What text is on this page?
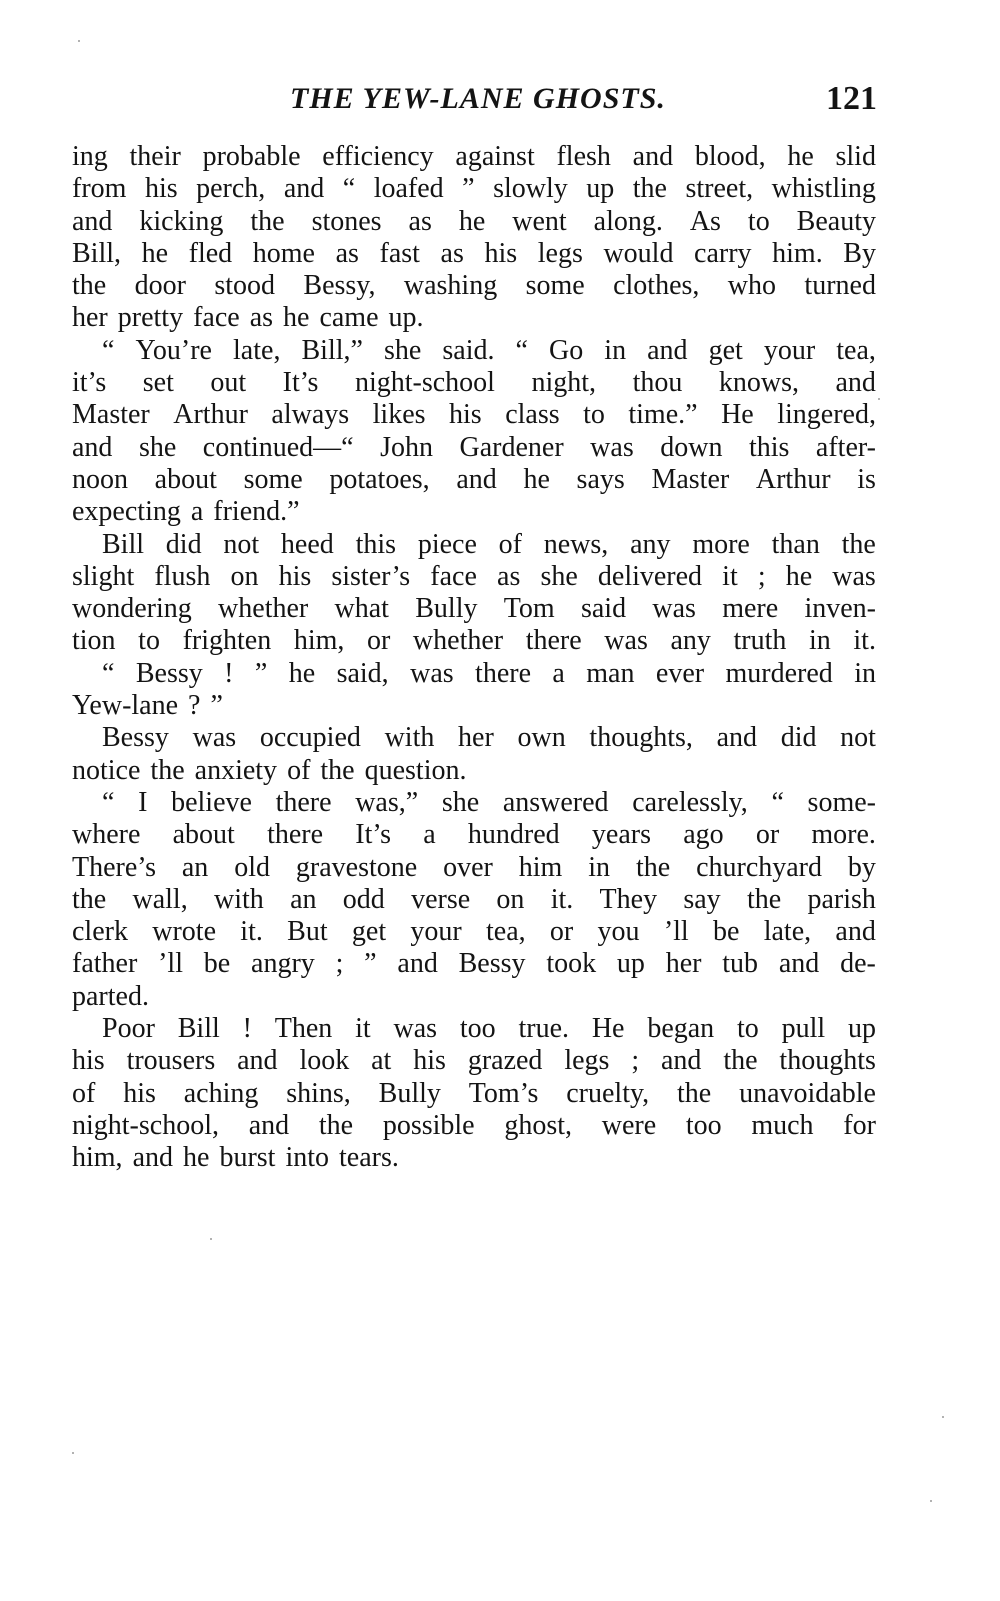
THE YEW-LANE GHOSTS.	121
ing their probable efficiency against flesh and blood, he slid
from his perch, and “ loafed ” slowly up the street, whistling
and kicking the stones as he went along. As to Beauty
Bill, he fled home as fast as his legs would carry him. By
the door stood Bessy, washing some clothes, who turned
her pretty face as he came up.
“ You’re late, Bill,” she said. “ Go in and get your tea,
it’s set out It’s night-school night, thou knows, and
Master Arthur always likes his class to time.” He lingered,
and she continued—“ John Gardener was down this after-
noon about some potatoes, and he says Master Arthur is
expecting a friend.”
Bill did not heed this piece of news, any more than the
slight flush on his sister’s face as she delivered it ; he was
wondering whether what Bully Tom said was mere inven-
tion to frighten him, or whether there was any truth in it.
“ Bessy ! ” he said, was there a man ever murdered in
Yew-lane ? ”
Bessy was occupied with her own thoughts, and did not
notice the anxiety of the question.
“ I believe there was,” she answered carelessly, “ some-
where about there It’s a hundred years ago or more.
There’s an old gravestone over him in the churchyard by
the wall, with an odd verse on it. They say the parish
clerk wrote it. But get your tea, or you ’ll be late, and
father ’ll be angry ; ” and Bessy took up her tub and de-
parted.
Poor Bill ! Then it was too true. He began to pull up
his trousers and look at his grazed legs ; and the thoughts
of his aching shins, Bully Tom’s cruelty, the unavoidable
night-school, and the possible ghost, were too much for
him, and he burst into tears.
